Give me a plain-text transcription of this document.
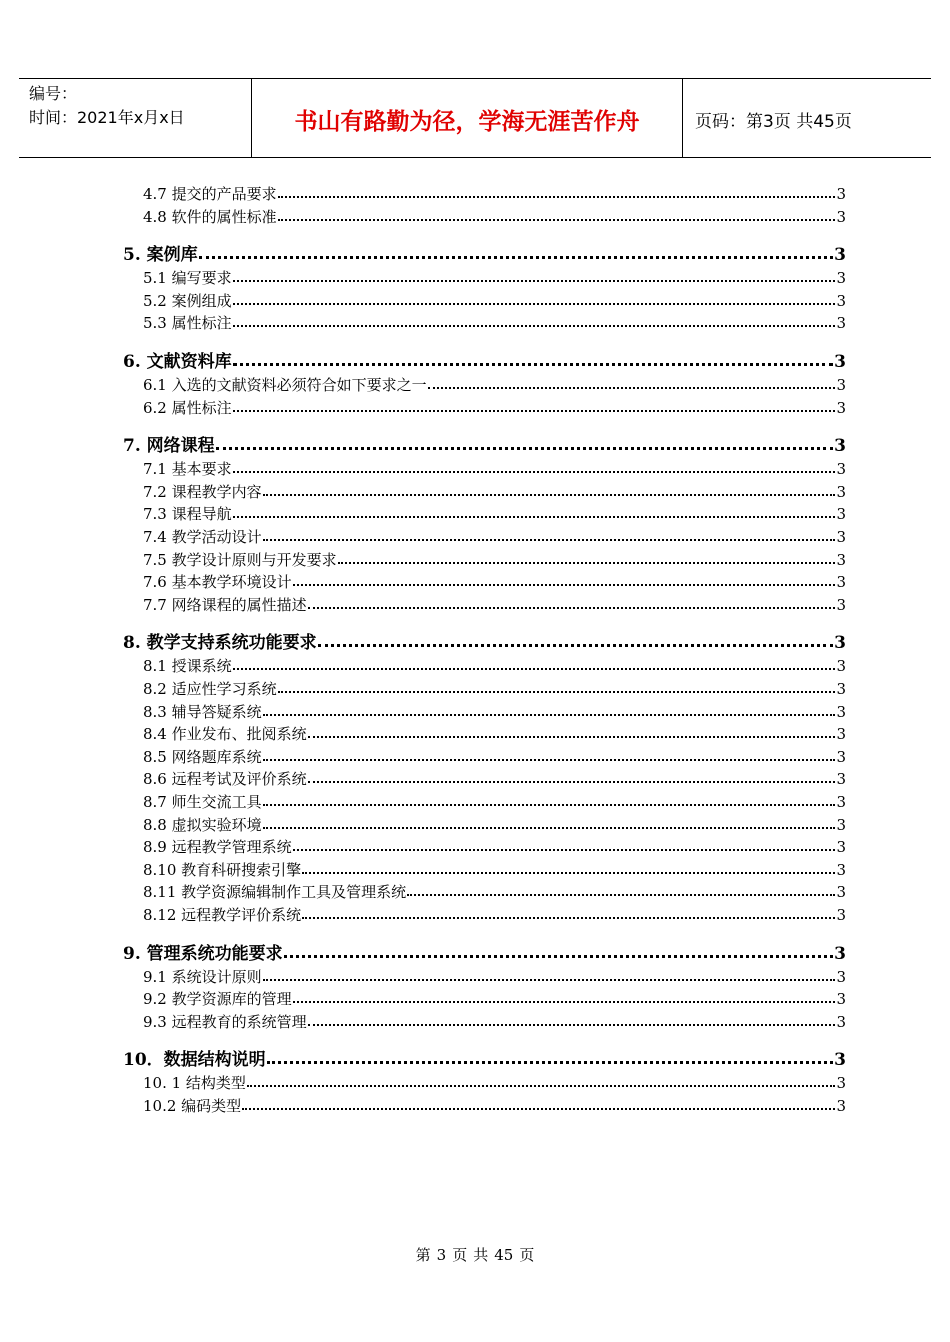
编号：
时间：2021年x月x日	书山有路勤为径，学海无涯苦作舟	页码：第3页 共45页
4.7 提交的产品要求	3
4.8 软件的属性标准	3
5. 案例库	3
5.1 编写要求	3
5.2 案例组成	3
5.3 属性标注	3
6. 文献资料库	3
6.1 入选的文献资料必须符合如下要求之一	3
6.2 属性标注	3
7. 网络课程	3
7.1 基本要求	3
7.2 课程教学内容	3
7.3 课程导航	3
7.4 教学活动设计	3
7.5 教学设计原则与开发要求	3
7.6 基本教学环境设计	3
7.7 网络课程的属性描述	3
8. 教学支持系统功能要求	3
8.1 授课系统	3
8.2 适应性学习系统	3
8.3 辅导答疑系统	3
8.4 作业发布、批阅系统	3
8.5 网络题库系统	3
8.6 远程考试及评价系统	3
8.7 师生交流工具	3
8.8 虚拟实验环境	3
8.9 远程教学管理系统	3
8.10 教育科研搜索引擎	3
8.11 教学资源编辑制作工具及管理系统	3
8.12 远程教学评价系统	3
9. 管理系统功能要求	3
9.1 系统设计原则	3
9.2 教学资源库的管理	3
9.3 远程教育的系统管理	3
10．数据结构说明	3
10. 1 结构类型	3
10.2 编码类型	3
第 3 页 共 45 页
